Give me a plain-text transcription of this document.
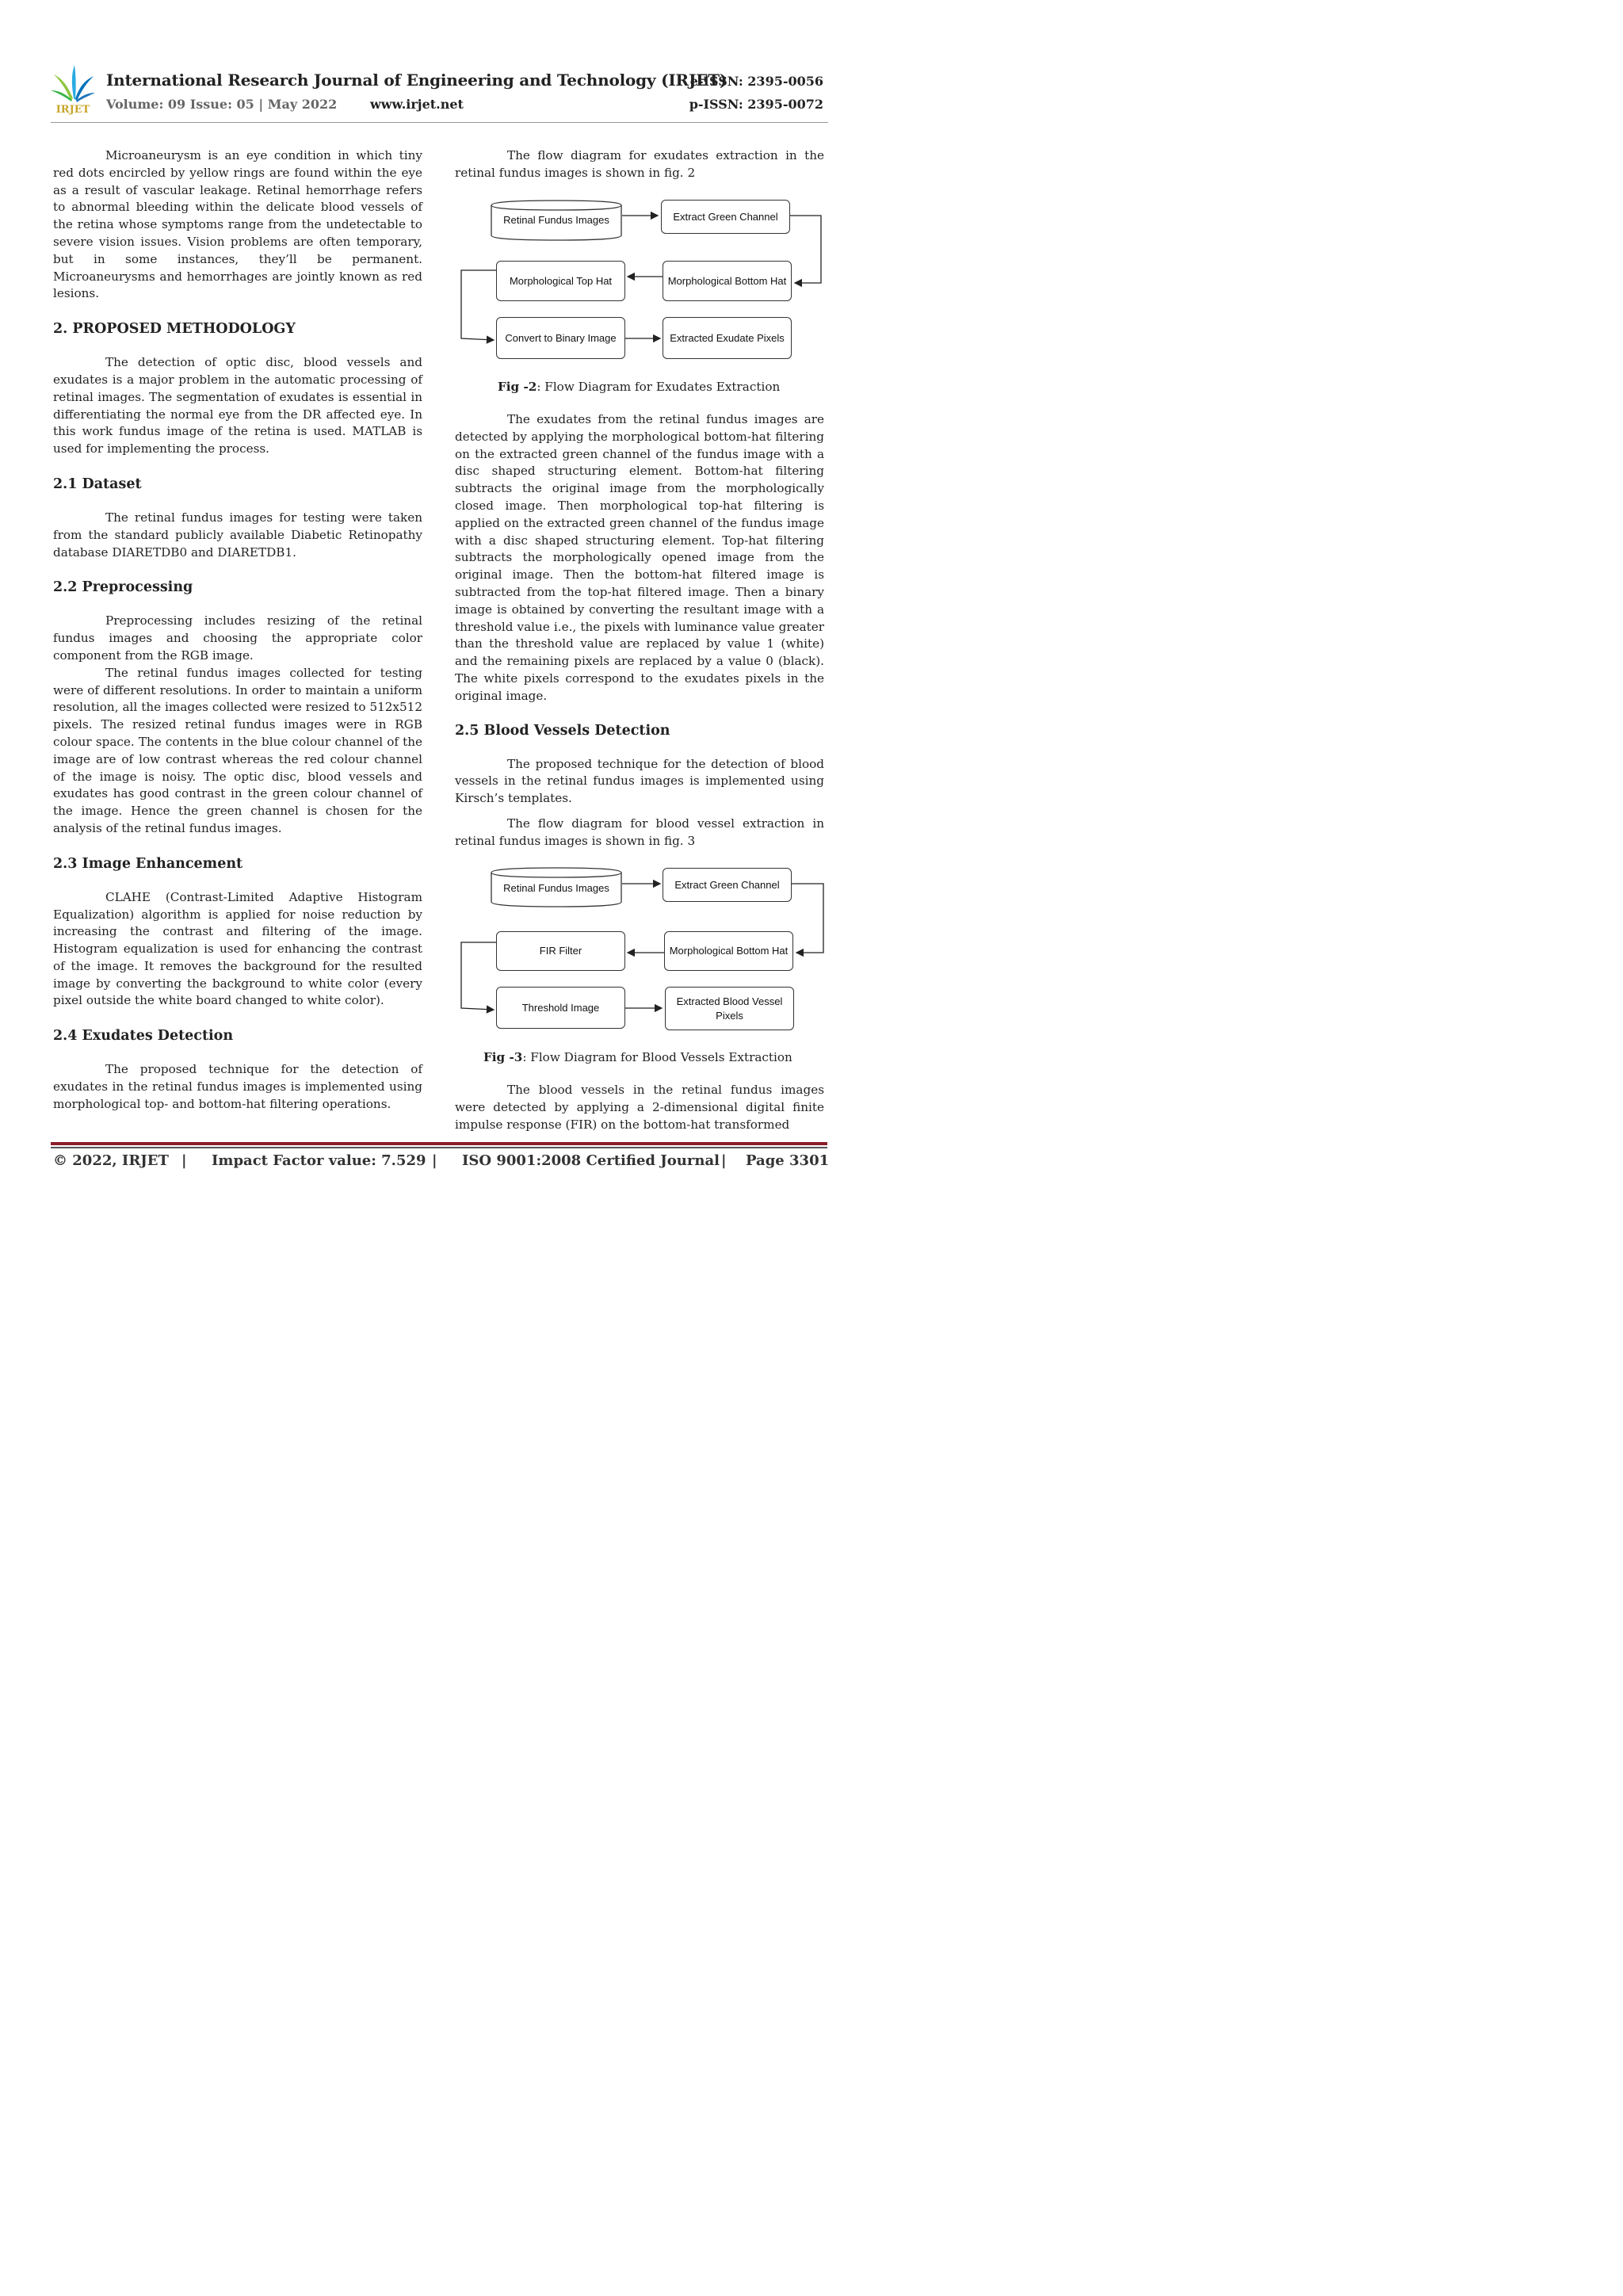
IRJET
International Research Journal of Engineering and Technology (IRJET)
e-ISSN: 2395-0056
Volume: 09 Issue: 05 | May 2022	www.irjet.net	p-ISSN: 2395-0072

Microaneurysm is an eye condition in which tiny red dots encircled by yellow rings are found within the eye as a result of vascular leakage. Retinal hemorrhage refers to abnormal bleeding within the delicate blood vessels of the retina whose symptoms range from the undetectable to severe vision issues. Vision problems are often temporary, but in some instances, they’ll be permanent. Microaneurysms and hemorrhages are jointly known as red lesions.

2. PROPOSED METHODOLOGY

The detection of optic disc, blood vessels and exudates is a major problem in the automatic processing of retinal images. The segmentation of exudates is essential in differentiating the normal eye from the DR affected eye. In this work fundus image of the retina is used. MATLAB is used for implementing the process.

2.1 Dataset

The retinal fundus images for testing were taken from the standard publicly available Diabetic Retinopathy database DIARETDB0 and DIARETDB1.

2.2 Preprocessing

Preprocessing includes resizing of the retinal fundus images and choosing the appropriate color component from the RGB image.

The retinal fundus images collected for testing were of different resolutions. In order to maintain a uniform resolution, all the images collected were resized to 512x512 pixels. The resized retinal fundus images were in RGB colour space. The contents in the blue colour channel of the image are of low contrast whereas the red colour channel of the image is noisy. The optic disc, blood vessels and exudates has good contrast in the green colour channel of the image. Hence the green channel is chosen for the analysis of the retinal fundus images.

2.3 Image Enhancement

CLAHE (Contrast-Limited Adaptive Histogram Equalization) algorithm is applied for noise reduction by increasing the contrast and filtering of the image. Histogram equalization is used for enhancing the contrast of the image. It removes the background for the resulted image by converting the background to white color (every pixel outside the white board changed to white color).

2.4 Exudates Detection

The proposed technique for the detection of exudates in the retinal fundus images is implemented using morphological top- and bottom-hat filtering operations.

The flow diagram for exudates extraction in the retinal fundus images is shown in fig. 2

Retinal Fundus Images	Extract Green Channel
Morphological Bottom Hat
Morphological Top Hat
Convert to Binary Image	Extracted Exudate Pixels
Fig -2: Flow Diagram for Exudates Extraction

The exudates from the retinal fundus images are detected by applying the morphological bottom-hat filtering on the extracted green channel of the fundus image with a disc shaped structuring element. Bottom-hat filtering subtracts the original image from the morphologically closed image. Then morphological top-hat filtering is applied on the extracted green channel of the fundus image with a disc shaped structuring element. Top-hat filtering subtracts the morphologically opened image from the original image. Then the bottom-hat filtered image is subtracted from the top-hat filtered image. Then a binary image is obtained by converting the resultant image with a threshold value i.e., the pixels with luminance value greater than the threshold value are replaced by value 1 (white) and the remaining pixels are replaced by a value 0 (black). The white pixels correspond to the exudates pixels in the original image.

2.5 Blood Vessels Detection

The proposed technique for the detection of blood vessels in the retinal fundus images is implemented using Kirsch’s templates.

The flow diagram for blood vessel extraction in retinal fundus images is shown in fig. 3

Retinal Fundus Images	Extract Green Channel
Morphological Bottom Hat
FIR Filter
Threshold Image
Extracted Blood Vessel Pixels
Fig -3: Flow Diagram for Blood Vessels Extraction

The blood vessels in the retinal fundus images were detected by applying a 2-dimensional digital finite impulse response (FIR) on the bottom-hat transformed

© 2022, IRJET | Impact Factor value: 7.529 | ISO 9001:2008 Certified Journal | Page 3301
